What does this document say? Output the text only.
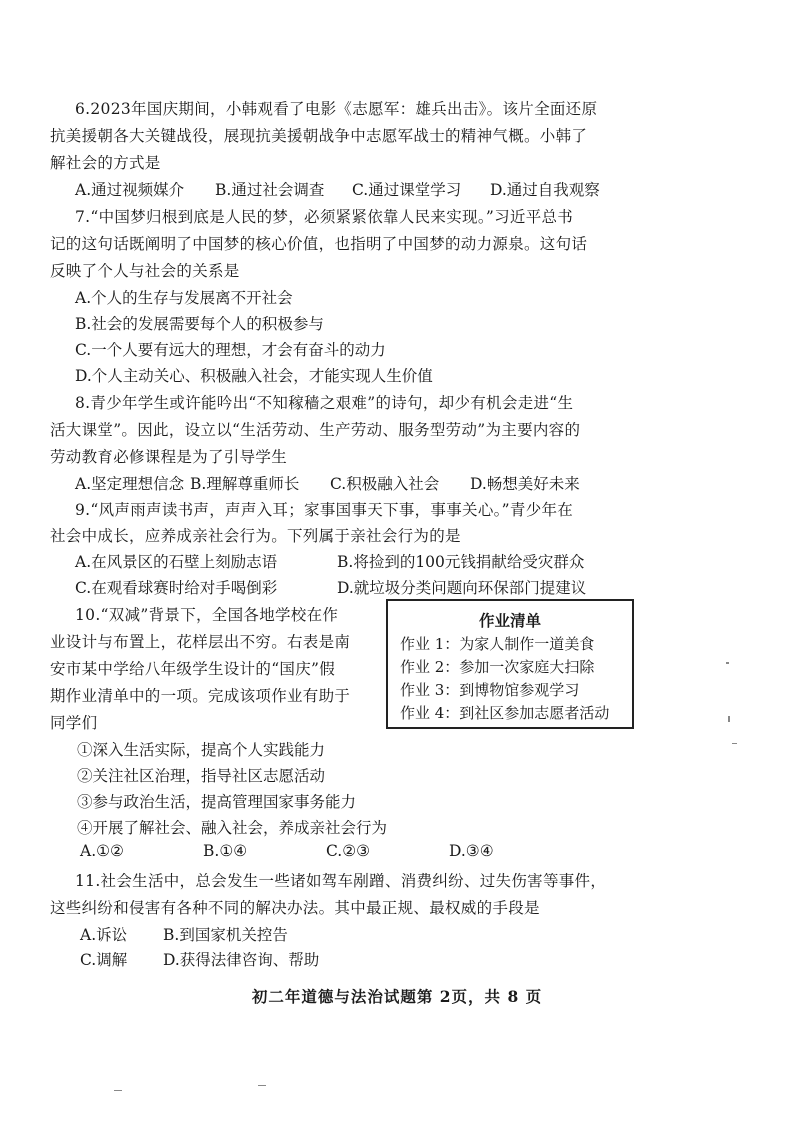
6.2023年国庆期间，小韩观看了电影《志愿军：雄兵出击》。该片全面还原
抗美援朝各大关键战役，展现抗美援朝战争中志愿军战士的精神气概。小韩了
解社会的方式是
A.通过视频媒介 B.通过社会调查 C.通过课堂学习 D.通过自我观察
7.“中国梦归根到底是人民的梦，必须紧紧依靠人民来实现。”习近平总书
记的这句话既阐明了中国梦的核心价值，也指明了中国梦的动力源泉。这句话
反映了个人与社会的关系是
A.个人的生存与发展离不开社会
B.社会的发展需要每个人的积极参与
C.一个人要有远大的理想，才会有奋斗的动力
D.个人主动关心、积极融入社会，才能实现人生价值
8.青少年学生或许能吟出“不知稼穑之艰难”的诗句，却少有机会走进“生
活大课堂”。因此，设立以“生活劳动、生产劳动、服务型劳动”为主要内容的
劳动教育必修课程是为了引导学生
A.坚定理想信念 B.理解尊重师长 C.积极融入社会 D.畅想美好未来
9.“风声雨声读书声，声声入耳；家事国事天下事，事事关心。”青少年在
社会中成长，应养成亲社会行为。下列属于亲社会行为的是
A.在风景区的石壁上刻励志语	B.将捡到的100元钱捐献给受灾群众
C.在观看球赛时给对手喝倒彩	D.就垃圾分类问题向环保部门提建议
10.“双减”背景下，全国各地学校在作
业设计与布置上，花样层出不穷。右表是南
安市某中学给八年级学生设计的“国庆”假
期作业清单中的一项。完成该项作业有助于
同学们
作业清单
作业 1：为家人制作一道美食
作业 2：参加一次家庭大扫除
作业 3：到博物馆参观学习
作业 4：到社区参加志愿者活动
①深入生活实际，提高个人实践能力
②关注社区治理，指导社区志愿活动
③参与政治生活，提高管理国家事务能力
④开展了解社会、融入社会，养成亲社会行为
A.①②	B.①④	C.②③	D.③④
11.社会生活中，总会发生一些诸如驾车剐蹭、消费纠纷、过失伤害等事件，
这些纠纷和侵害有各种不同的解决办法。其中最正规、最权威的手段是
A.诉讼 B.到国家机关控告
C.调解 D.获得法律咨询、帮助
初二年道德与法治试题第 2页，共 8 页
